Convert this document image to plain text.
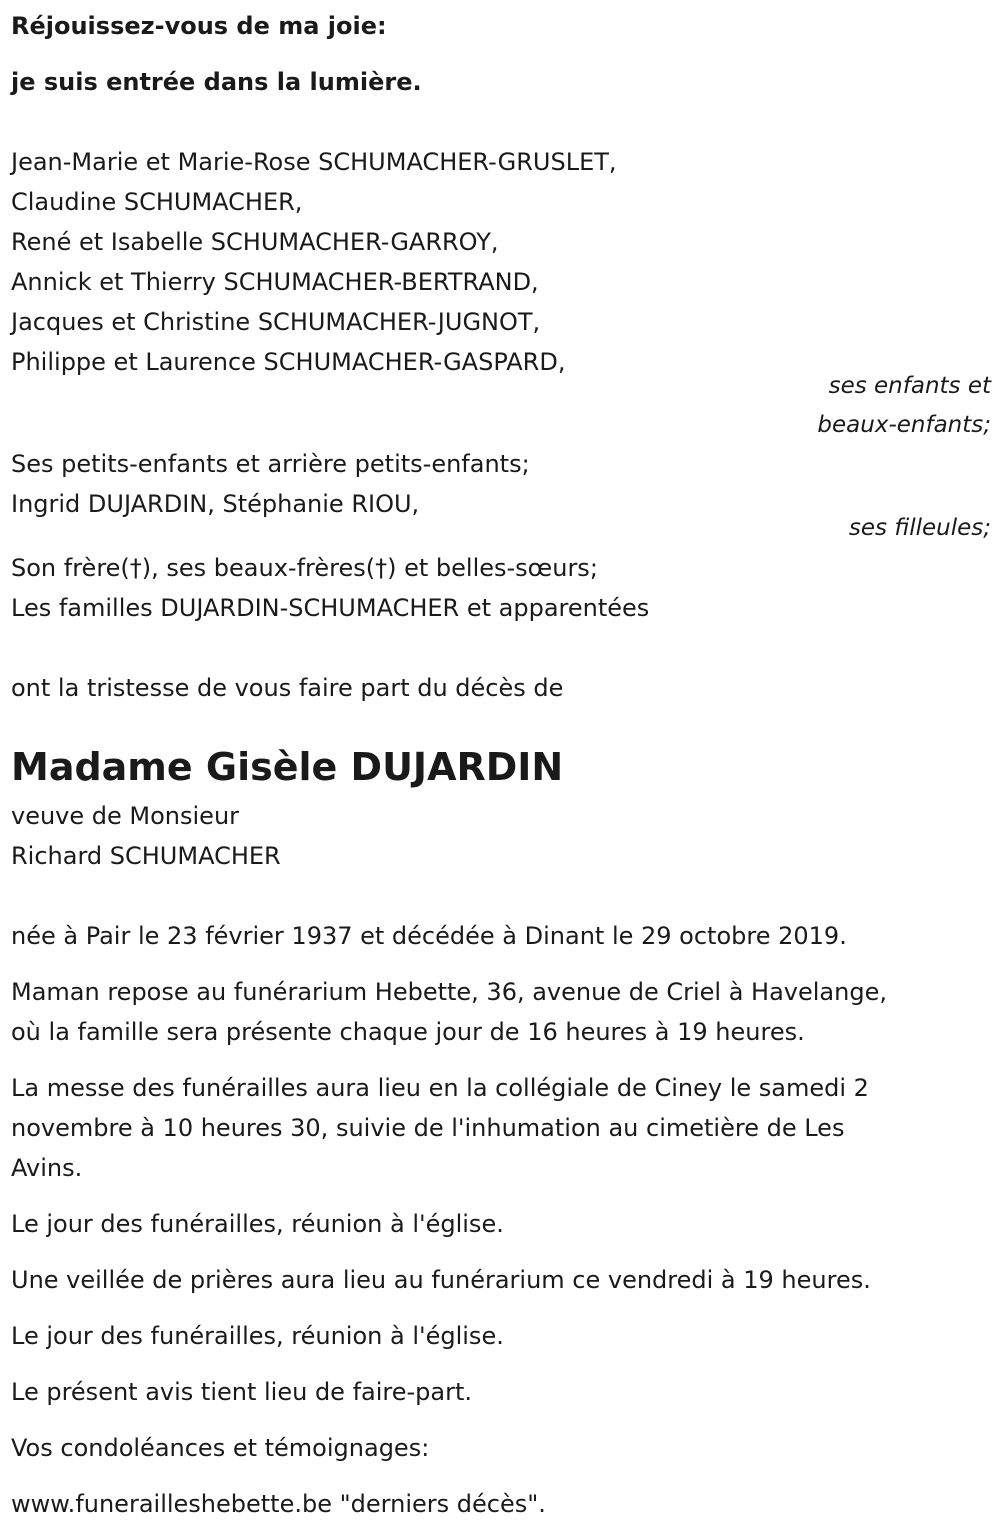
Réjouissez-vous de ma joie:
je suis entrée dans la lumière.
Jean-Marie et Marie-Rose SCHUMACHER-GRUSLET,
Claudine SCHUMACHER,
René et Isabelle SCHUMACHER-GARROY,
Annick et Thierry SCHUMACHER-BERTRAND,
Jacques et Christine SCHUMACHER-JUGNOT,
Philippe et Laurence SCHUMACHER-GASPARD,
ses enfants et
beaux-enfants;
Ses petits-enfants et arrière petits-enfants;
Ingrid DUJARDIN, Stéphanie RIOU,
ses filleules;
Son frère(†), ses beaux-frères(†) et belles-sœurs;
Les familles DUJARDIN-SCHUMACHER et apparentées
ont la tristesse de vous faire part du décès de
Madame Gisèle DUJARDIN
veuve de Monsieur
Richard SCHUMACHER
née à Pair le 23 février 1937 et décédée à Dinant le 29 octobre 2019.
Maman repose au funérarium Hebette, 36, avenue de Criel à Havelange,
où la famille sera présente chaque jour de 16 heures à 19 heures.
La messe des funérailles aura lieu en la collégiale de Ciney le samedi 2
novembre à 10 heures 30, suivie de l'inhumation au cimetière de Les
Avins.
Le jour des funérailles, réunion à l'église.
Une veillée de prières aura lieu au funérarium ce vendredi à 19 heures.
Le jour des funérailles, réunion à l'église.
Le présent avis tient lieu de faire-part.
Vos condoléances et témoignages:
www.funerailleshebette.be "derniers décès".
